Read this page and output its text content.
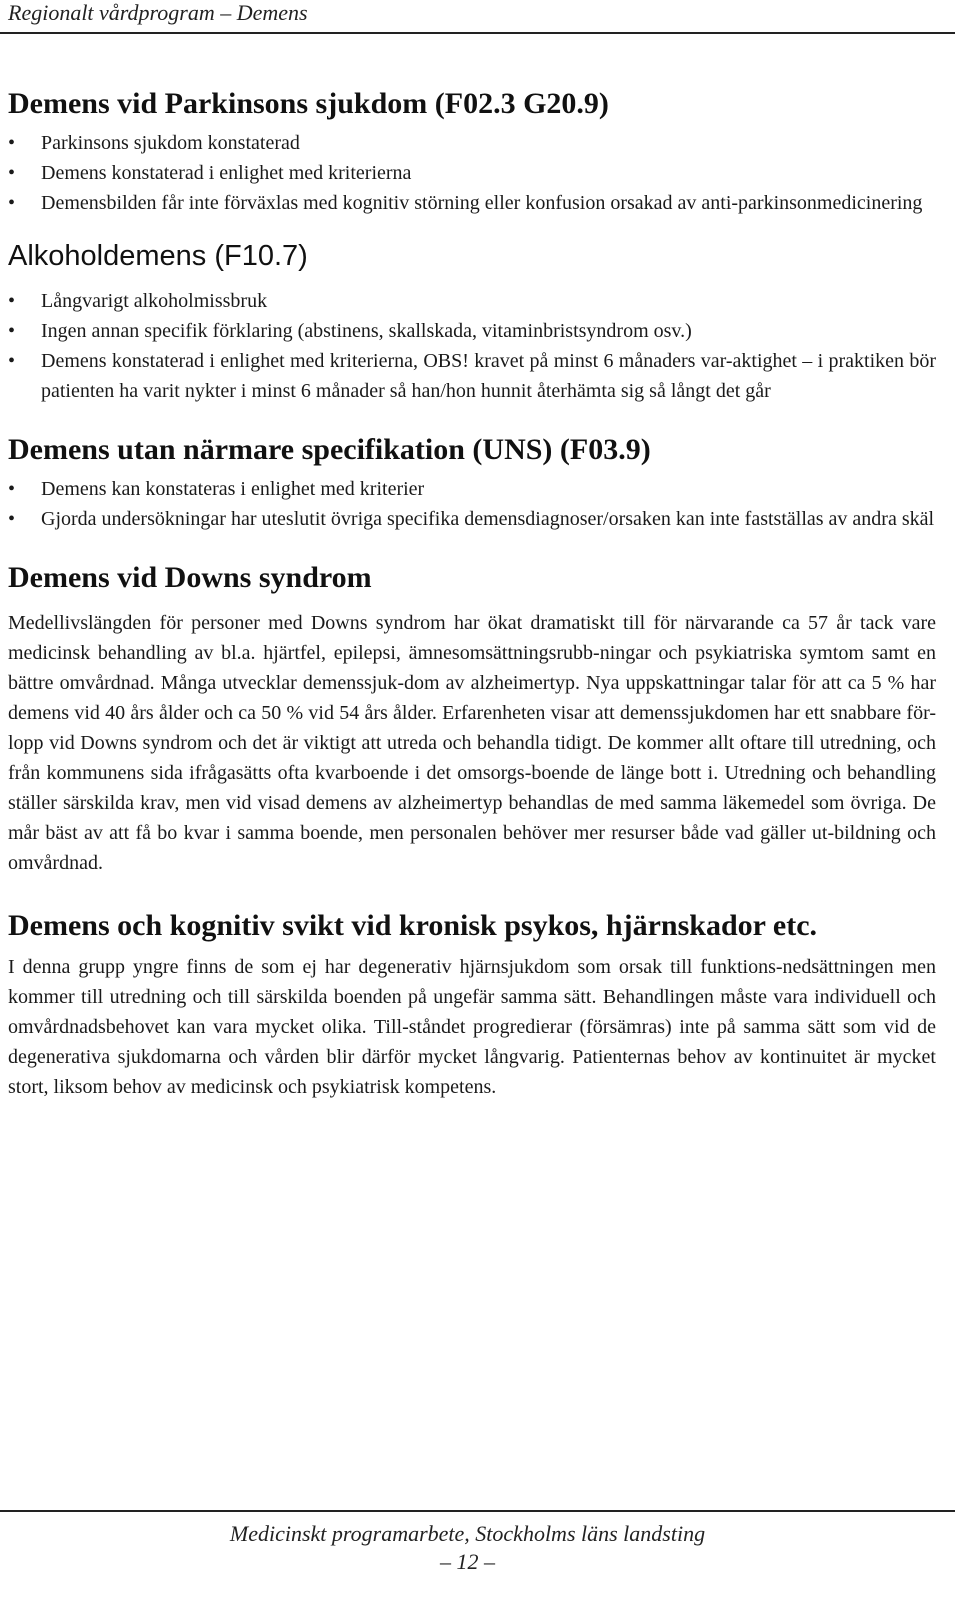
Regionalt vårdprogram – Demens
Demens vid Parkinsons sjukdom (F02.3 G20.9)
•	Parkinsons sjukdom konstaterad
•	Demens konstaterad i enlighet med kriterierna
•	Demensbilden får inte förväxlas med kognitiv störning eller konfusion orsakad av anti-parkinsonmedicinering
Alkoholdemens (F10.7)
•	Långvarigt alkoholmissbruk
•	Ingen annan specifik förklaring (abstinens, skallskada, vitaminbristsyndrom osv.)
•	Demens konstaterad i enlighet med kriterierna, OBS! kravet på minst 6 månaders var-aktighet – i praktiken bör patienten ha varit nykter i minst 6 månader så han/hon hunnit återhämta sig så långt det går
Demens utan närmare specifikation (UNS) (F03.9)
•	Demens kan konstateras i enlighet med kriterier
•	Gjorda undersökningar har uteslutit övriga specifika demensdiagnoser/orsaken kan inte fastställas av andra skäl
Demens vid Downs syndrom

Medellivslängden för personer med Downs syndrom har ökat dramatiskt till för närvarande ca 57 år tack vare medicinsk behandling av bl.a. hjärtfel, epilepsi, ämnesomsättningsrubb-ningar och psykiatriska symtom samt en bättre omvårdnad. Många utvecklar demenssjuk-dom av alzheimertyp. Nya uppskattningar talar för att ca 5 % har demens vid 40 års ålder och ca 50 % vid 54 års ålder. Erfarenheten visar att demenssjukdomen har ett snabbare för-lopp vid Downs syndrom och det är viktigt att utreda och behandla tidigt. De kommer allt oftare till utredning, och från kommunens sida ifrågasätts ofta kvarboende i det omsorgs-boende de länge bott i. Utredning och behandling ställer särskilda krav, men vid visad demens av alzheimertyp behandlas de med samma läkemedel som övriga. De mår bäst av att få bo kvar i samma boende, men personalen behöver mer resurser både vad gäller ut-bildning och omvårdnad.

Demens och kognitiv svikt vid kronisk psykos, hjärnskador etc.

I denna grupp yngre finns de som ej har degenerativ hjärnsjukdom som orsak till funktions-nedsättningen men kommer till utredning och till särskilda boenden på ungefär samma sätt. Behandlingen måste vara individuell och omvårdnadsbehovet kan vara mycket olika. Till-ståndet progredierar (försämras) inte på samma sätt som vid de degenerativa sjukdomarna och vården blir därför mycket långvarig. Patienternas behov av kontinuitet är mycket stort, liksom behov av medicinsk och psykiatrisk kompetens.

Medicinskt programarbete, Stockholms läns landsting
– 12 –
